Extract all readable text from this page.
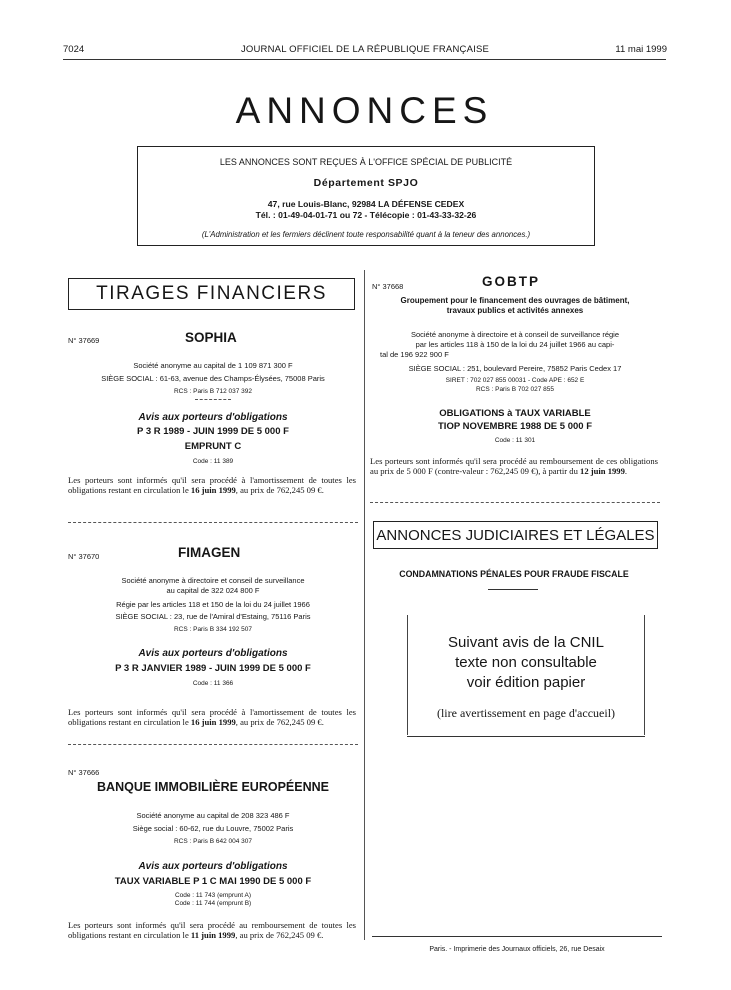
7024	JOURNAL OFFICIEL DE LA RÉPUBLIQUE FRANÇAISE	11 mai 1999
ANNONCES
LES ANNONCES SONT REÇUES À L'OFFICE SPÉCIAL DE PUBLICITÉ
Département SPJO
47, rue Louis-Blanc, 92984 LA DÉFENSE CEDEX
Tél. : 01-49-04-01-71 ou 72 - Télécopie : 01-43-33-32-26
(L'Administration et les fermiers déclinent toute responsabilité quant à la teneur des annonces.)
TIRAGES FINANCIERS
N° 37669	SOPHIA
Société anonyme au capital de 1 109 871 300 F
SIÈGE SOCIAL : 61-63, avenue des Champs-Élysées, 75008 Paris
RCS : Paris B 712 037 392
Avis aux porteurs d'obligations
P 3 R 1989 - JUIN 1999 DE 5 000 F
EMPRUNT C
Code : 11 389
Les porteurs sont informés qu'il sera procédé à l'amortissement de toutes les obligations restant en circulation le 16 juin 1999, au prix de 762,245 09 €.
N° 37670	FIMAGEN
Société anonyme à directoire et conseil de surveillance
au capital de 322 024 800 F
Régie par les articles 118 et 150 de la loi du 24 juillet 1966
SIÈGE SOCIAL : 23, rue de l'Amiral d'Estaing, 75116 Paris
RCS : Paris B 334 192 507
Avis aux porteurs d'obligations
P 3 R JANVIER 1989 - JUIN 1999 DE 5 000 F
Code : 11 366
Les porteurs sont informés qu'il sera procédé à l'amortissement de toutes les obligations restant en circulation le 16 juin 1999, au prix de 762,245 09 €.
N° 37666
BANQUE IMMOBILIÈRE EUROPÉENNE
Société anonyme au capital de 208 323 486 F
Siège social : 60-62, rue du Louvre, 75002 Paris
RCS : Paris B 642 004 307
Avis aux porteurs d'obligations
TAUX VARIABLE P 1 C MAI 1990 DE 5 000 F
Code : 11 743 (emprunt A)
Code : 11 744 (emprunt B)
Les porteurs sont informés qu'il sera procédé au remboursement de toutes les obligations restant en circulation le 11 juin 1999, au prix de 762,245 09 €.
N° 37668	GOBTP
Groupement pour le financement des ouvrages de bâtiment,
travaux publics et activités annexes
Société anonyme à directoire et à conseil de surveillance régie
par les articles 118 à 150 de la loi du 24 juillet 1966 au capi-
tal de 196 922 900 F
SIÈGE SOCIAL : 251, boulevard Pereire, 75852 Paris Cedex 17
SIRET : 702 027 855 00031 - Code APE : 652 E
RCS : Paris B 702 027 855
OBLIGATIONS à TAUX VARIABLE
TIOP NOVEMBRE 1988 DE 5 000 F
Code : 11 301
Les porteurs sont informés qu'il sera procédé au remboursement de ces obligations au prix de 5 000 F (contre-valeur : 762,245 09 €), à partir du 12 juin 1999.
ANNONCES JUDICIAIRES ET LÉGALES
CONDAMNATIONS PÉNALES POUR FRAUDE FISCALE
Suivant avis de la CNIL
texte non consultable
voir édition papier
(lire avertissement en page d'accueil)
Paris. - Imprimerie des Journaux officiels, 26, rue Desaix
